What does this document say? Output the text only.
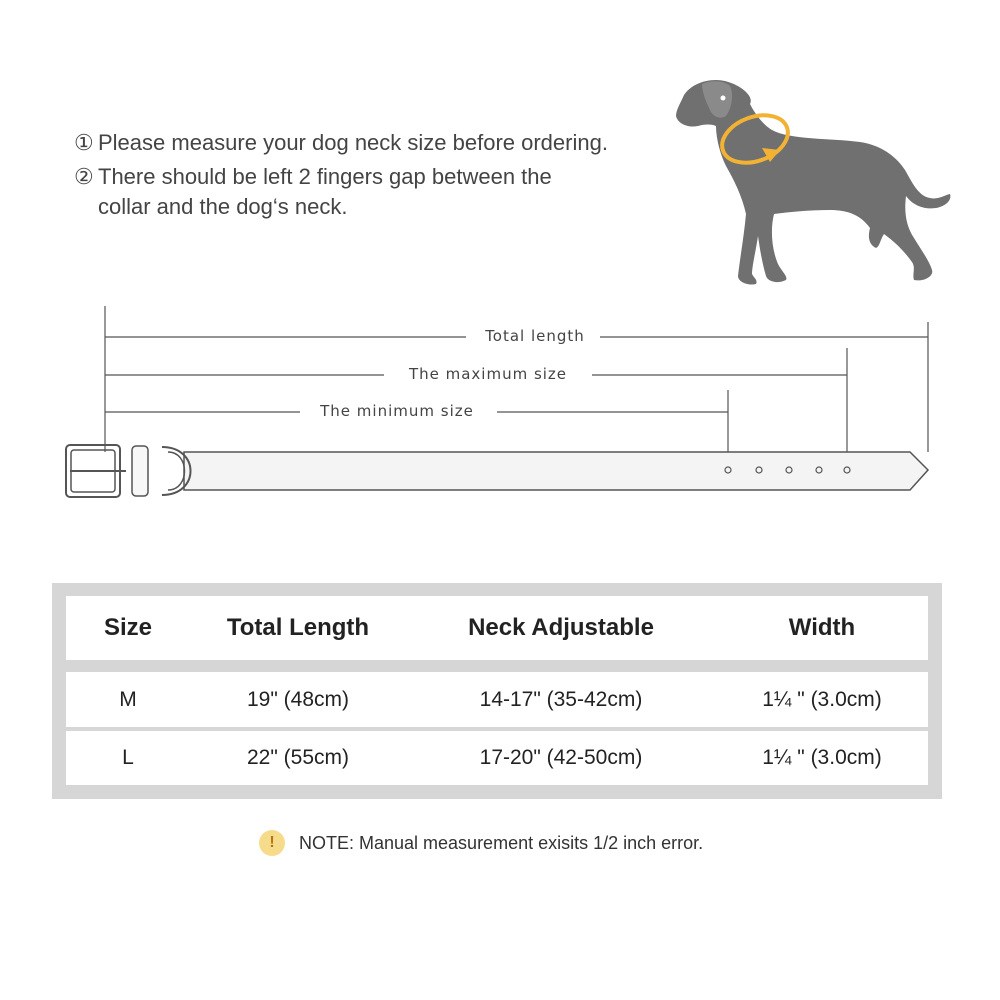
① Please measure your dog neck size before ordering.
② There should be left 2 fingers gap between the
collar and the dog‘s neck.
Total length
The maximum size
The minimum size
Size	Total Length	Neck Adjustable	Width
M	19" (48cm)	14-17" (35-42cm)	1¼ " (3.0cm)
L	22" (55cm)	17-20" (42-50cm)	1¼ " (3.0cm)
!	NOTE: Manual measurement exisits 1/2 inch error.
